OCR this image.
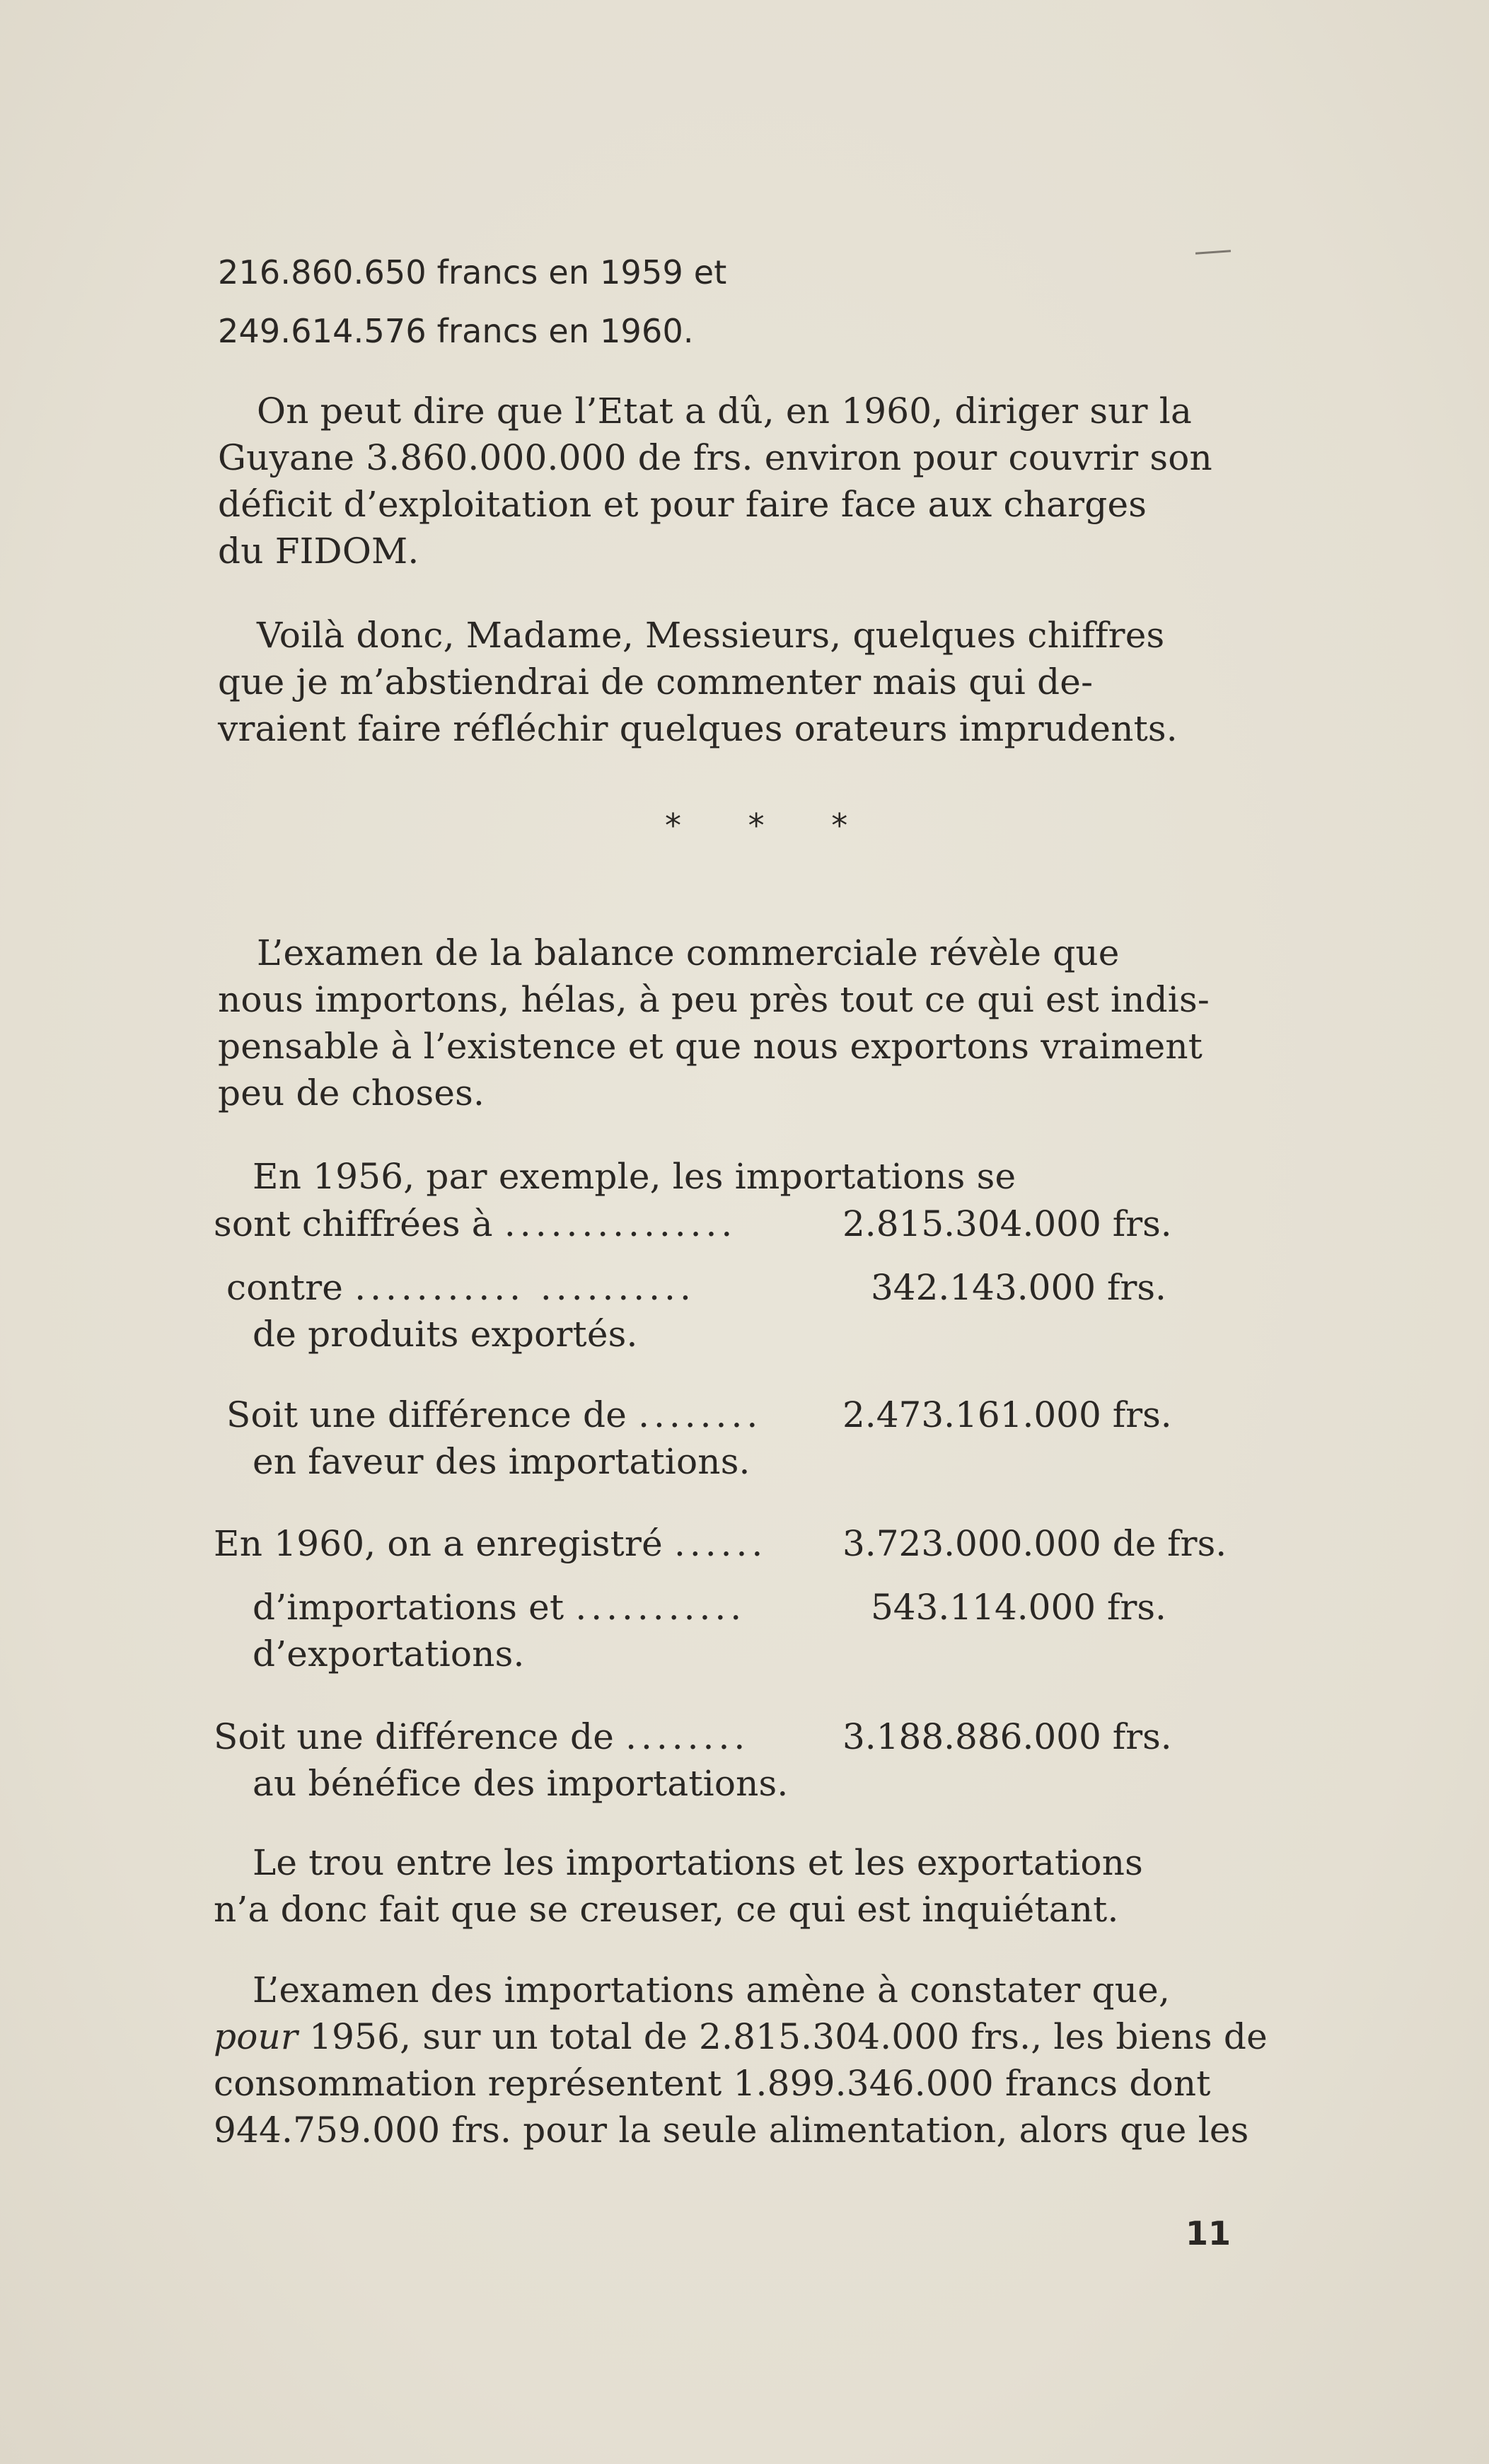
216.860.650 francs en 1959 et
249.614.576 francs en 1960.
On peut dire que l’Etat a dû, en 1960, diriger sur la
Guyane 3.860.000.000 de frs. environ pour couvrir son
déficit d’exploitation et pour faire face aux charges
du FIDOM.
Voilà donc, Madame, Messieurs, quelques chiffres
que je m’abstiendrai de commenter mais qui de-
vraient faire réfléchir quelques orateurs imprudents.
* * *
L’examen de la balance commerciale révèle que
nous importons, hélas, à peu près tout ce qui est indis-
pensable à l’existence et que nous exportons vraiment
peu de choses.
En 1956, par exemple, les importations se
sont chiffrées à ...............	2.815.304.000 frs.
contre ........... ..........	342.143.000 frs.
de produits exportés.
Soit une différence de ........ 2.473.161.000 frs.
en faveur des importations.
En 1960, on a enregistré ...... 3.723.000.000 de frs.
d’importations et ...........	543.114.000 frs.
d’exportations.
Soit une différence de ........	3.188.886.000 frs.
au bénéfice des importations.
Le trou entre les importations et les exportations
n’a donc fait que se creuser, ce qui est inquiétant.
L’examen des importations amène à constater que,
pour 1956, sur un total de 2.815.304.000 frs., les biens de
consommation représentent 1.899.346.000 francs dont
944.759.000 frs. pour la seule alimentation, alors que les
11
